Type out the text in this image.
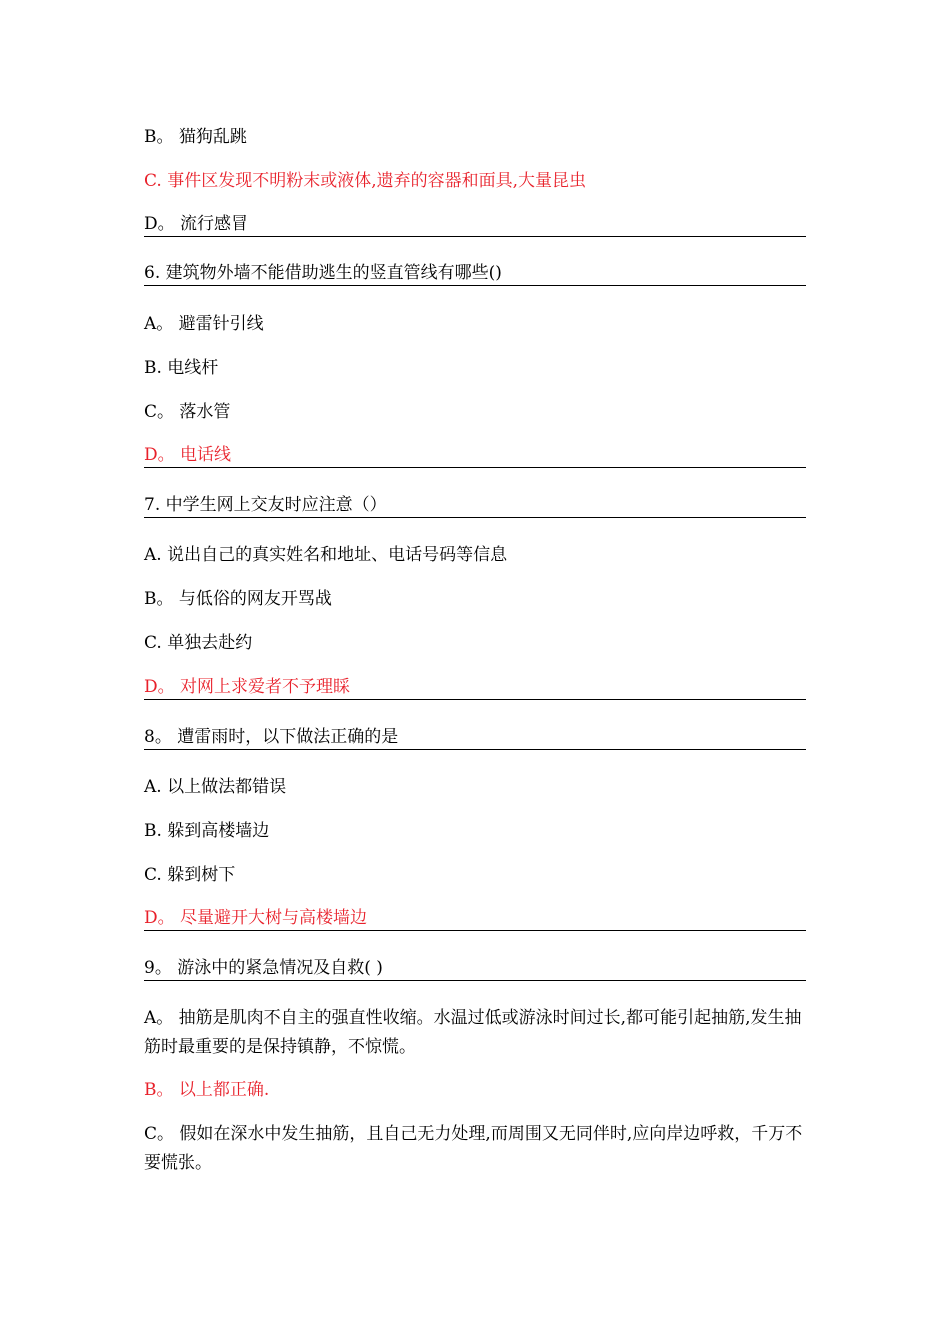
B。 猫狗乱跳
C. 事件区发现不明粉末或液体,遗弃的容器和面具,大量昆虫
D。 流行感冒
6. 建筑物外墙不能借助逃生的竖直管线有哪些()
A。 避雷针引线
B. 电线杆
C。 落水管
D。 电话线
7. 中学生网上交友时应注意（）
A. 说出自己的真实姓名和地址、电话号码等信息
B。 与低俗的网友开骂战
C. 单独去赴约
D。 对网上求爱者不予理睬
8。 遭雷雨时，以下做法正确的是
A. 以上做法都错误
B. 躲到高楼墙边
C. 躲到树下
D。 尽量避开大树与高楼墙边
9。 游泳中的紧急情况及自救( )
A。 抽筋是肌肉不自主的强直性收缩。水温过低或游泳时间过长,都可能引起抽筋,发生抽筋时最重要的是保持镇静，不惊慌。
B。 以上都正确.
C。 假如在深水中发生抽筋，且自己无力处理,而周围又无同伴时,应向岸边呼救，千万不要慌张。
